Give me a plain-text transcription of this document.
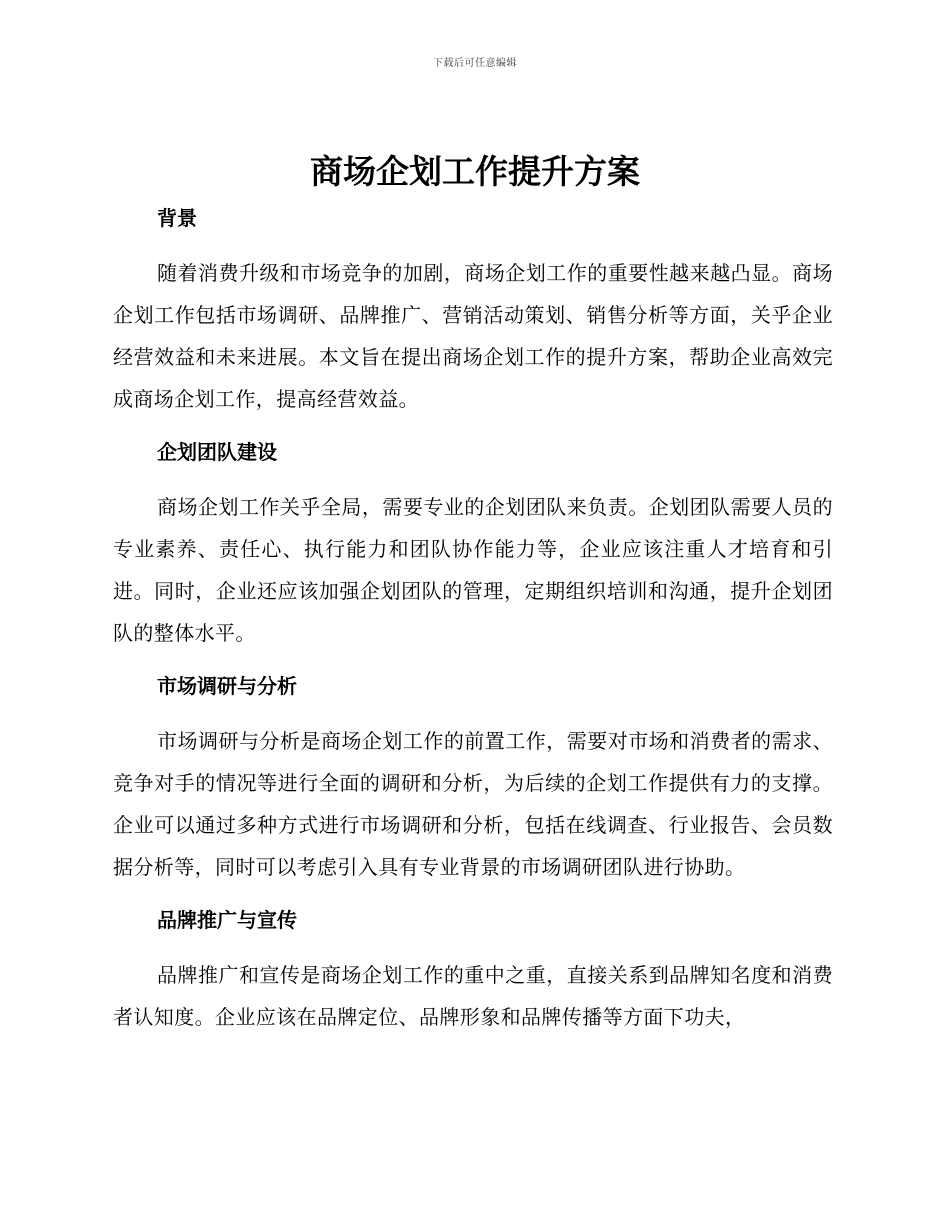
下载后可任意编辑
商场企划工作提升方案
背景

随着消费升级和市场竞争的加剧，商场企划工作的重要性越来越凸显。商场企划工作包括市场调研、品牌推广、营销活动策划、销售分析等方面，关乎企业经营效益和未来进展。本文旨在提出商场企划工作的提升方案，帮助企业高效完成商场企划工作，提高经营效益。

企划团队建设

商场企划工作关乎全局，需要专业的企划团队来负责。企划团队需要人员的专业素养、责任心、执行能力和团队协作能力等，企业应该注重人才培育和引进。同时，企业还应该加强企划团队的管理，定期组织培训和沟通，提升企划团队的整体水平。

市场调研与分析

市场调研与分析是商场企划工作的前置工作，需要对市场和消费者的需求、竞争对手的情况等进行全面的调研和分析，为后续的企划工作提供有力的支撑。企业可以通过多种方式进行市场调研和分析，包括在线调查、行业报告、会员数据分析等，同时可以考虑引入具有专业背景的市场调研团队进行协助。

品牌推广与宣传

品牌推广和宣传是商场企划工作的重中之重，直接关系到品牌知名度和消费者认知度。企业应该在品牌定位、品牌形象和品牌传播等方面下功夫，
